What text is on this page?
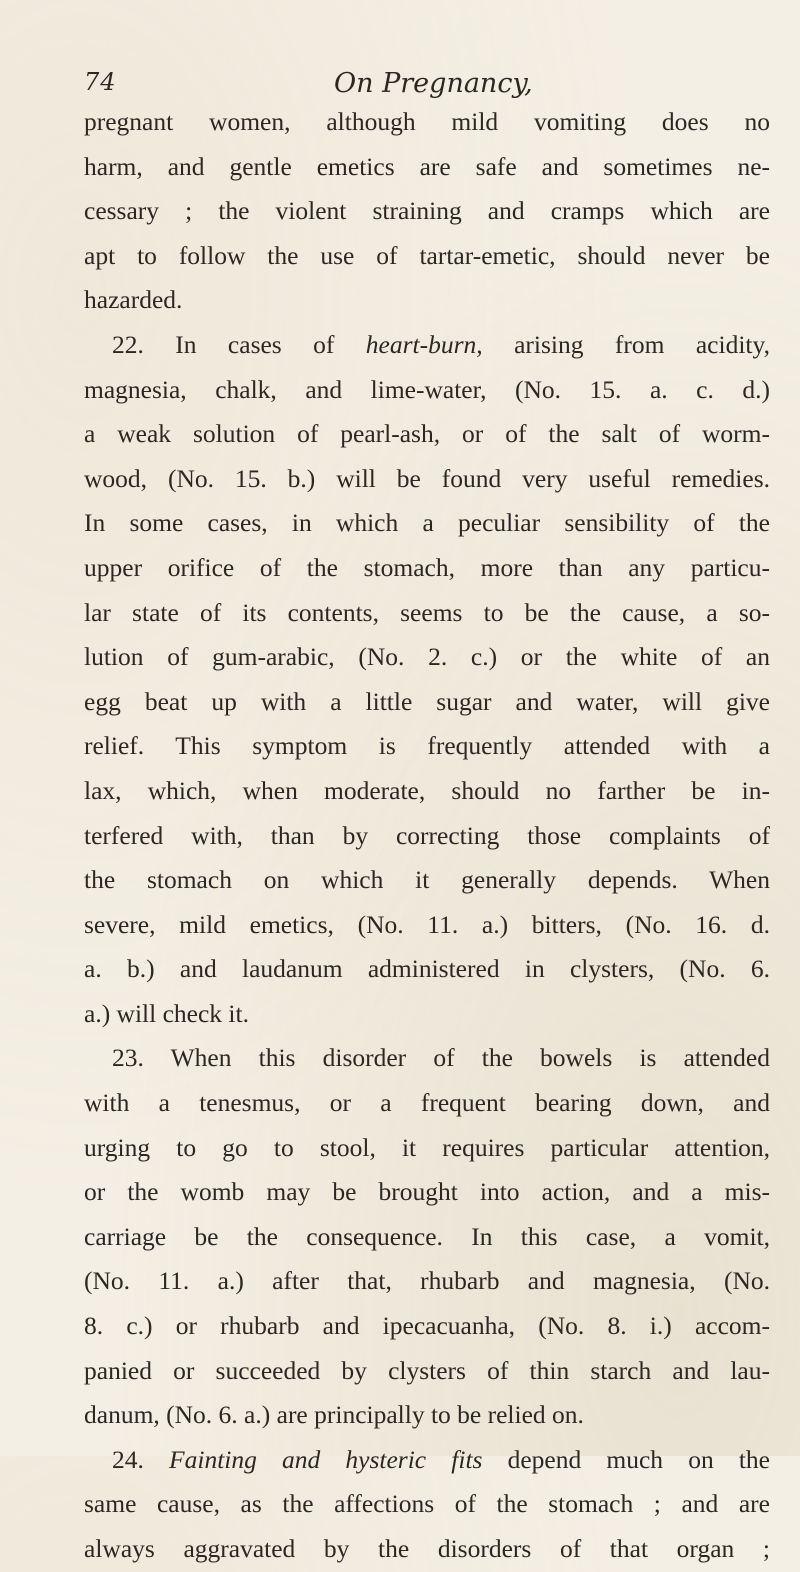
74	On Pregnancy,
pregnant women, although mild vomiting does no
harm, and gentle emetics are safe and sometimes ne-
cessary ; the violent straining and cramps which are
apt to follow the use of tartar-emetic, should never be
hazarded.
22. In cases of heart-burn, arising from acidity,
magnesia, chalk, and lime-water, (No. 15. a. c. d.)
a weak solution of pearl-ash, or of the salt of worm-
wood, (No. 15. b.) will be found very useful remedies.
In some cases, in which a peculiar sensibility of the
upper orifice of the stomach, more than any particu-
lar state of its contents, seems to be the cause, a so-
lution of gum-arabic, (No. 2. c.) or the white of an
egg beat up with a little sugar and water, will give
relief. This symptom is frequently attended with a
lax, which, when moderate, should no farther be in-
terfered with, than by correcting those complaints of
the stomach on which it generally depends. When
severe, mild emetics, (No. 11. a.) bitters, (No. 16. d.
a. b.) and laudanum administered in clysters, (No. 6.
a.) will check it.
23. When this disorder of the bowels is attended
with a tenesmus, or a frequent bearing down, and
urging to go to stool, it requires particular attention,
or the womb may be brought into action, and a mis-
carriage be the consequence. In this case, a vomit,
(No. 11. a.) after that, rhubarb and magnesia, (No.
8. c.) or rhubarb and ipecacuanha, (No. 8. i.) accom-
panied or succeeded by clysters of thin starch and lau-
danum, (No. 6. a.) are principally to be relied on.
24. Fainting and hysteric fits depend much on the
same cause, as the affections of the stomach ; and are
always aggravated by the disorders of that organ ;
